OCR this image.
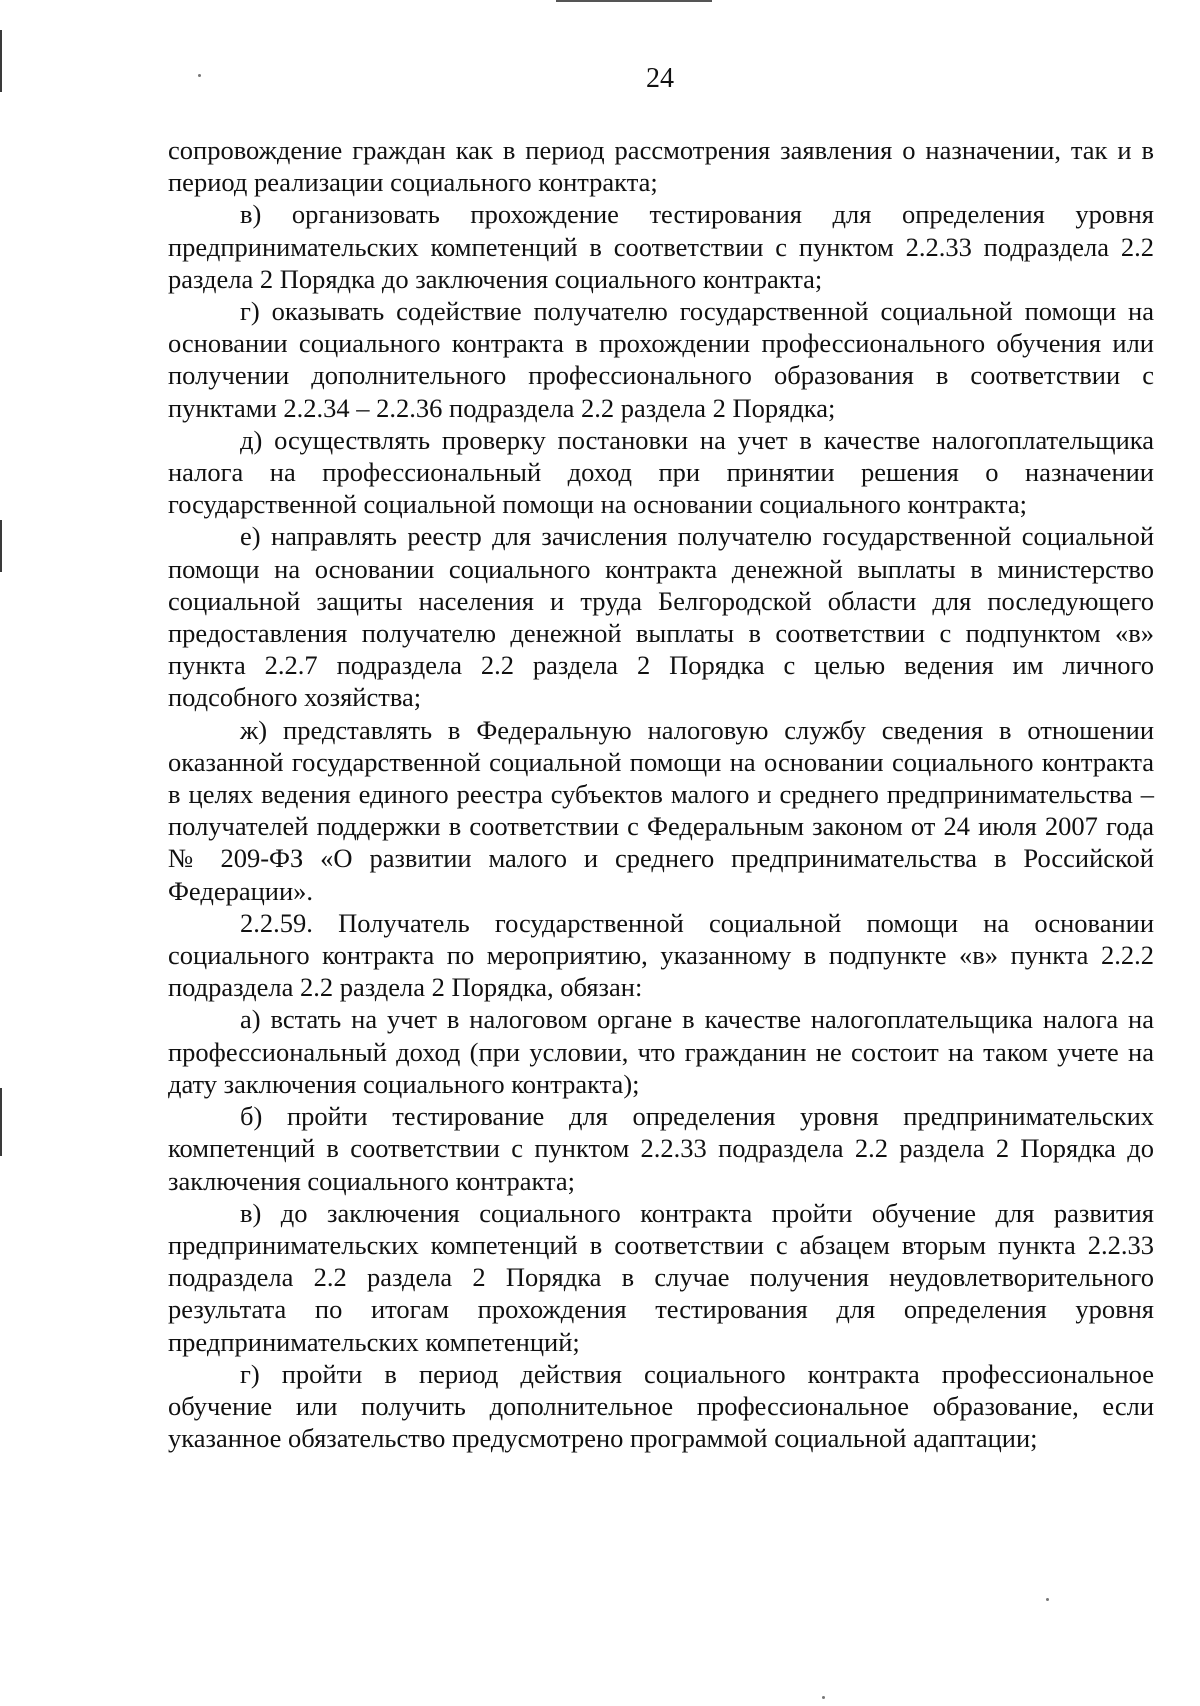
24

сопровождение граждан как в период рассмотрения заявления о назначении, так и в период реализации социального контракта;

в) организовать прохождение тестирования для определения уровня предпринимательских компетенций в соответствии с пунктом 2.2.33 подраздела 2.2 раздела 2 Порядка до заключения социального контракта;

г) оказывать содействие получателю государственной социальной помощи на основании социального контракта в прохождении профессионального обучения или получении дополнительного профессионального образования в соответствии с пунктами 2.2.34 – 2.2.36 подраздела 2.2 раздела 2 Порядка;

д) осуществлять проверку постановки на учет в качестве налогоплательщика налога на профессиональный доход при принятии решения о назначении государственной социальной помощи на основании социального контракта;

е) направлять реестр для зачисления получателю государственной социальной помощи на основании социального контракта денежной выплаты в министерство социальной защиты населения и труда Белгородской области для последующего предоставления получателю денежной выплаты в соответствии с подпунктом «в» пункта 2.2.7 подраздела 2.2 раздела 2 Порядка с целью ведения им личного подсобного хозяйства;

ж) представлять в Федеральную налоговую службу сведения в отношении оказанной государственной социальной помощи на основании социального контракта в целях ведения единого реестра субъектов малого и среднего предпринимательства – получателей поддержки в соответствии с Федеральным законом от 24 июля 2007 года № 209-ФЗ «О развитии малого и среднего предпринимательства в Российской Федерации».

2.2.59. Получатель государственной социальной помощи на основании социального контракта по мероприятию, указанному в подпункте «в» пункта 2.2.2 подраздела 2.2 раздела 2 Порядка, обязан:

а) встать на учет в налоговом органе в качестве налогоплательщика налога на профессиональный доход (при условии, что гражданин не состоит на таком учете на дату заключения социального контракта);

б) пройти тестирование для определения уровня предпринимательских компетенций в соответствии с пунктом 2.2.33 подраздела 2.2 раздела 2 Порядка до заключения социального контракта;

в) до заключения социального контракта пройти обучение для развития предпринимательских компетенций в соответствии с абзацем вторым пункта 2.2.33 подраздела 2.2 раздела 2 Порядка в случае получения неудовлетворительного результата по итогам прохождения тестирования для определения уровня предпринимательских компетенций;

г) пройти в период действия социального контракта профессиональное обучение или получить дополнительное профессиональное образование, если указанное обязательство предусмотрено программой социальной адаптации;
